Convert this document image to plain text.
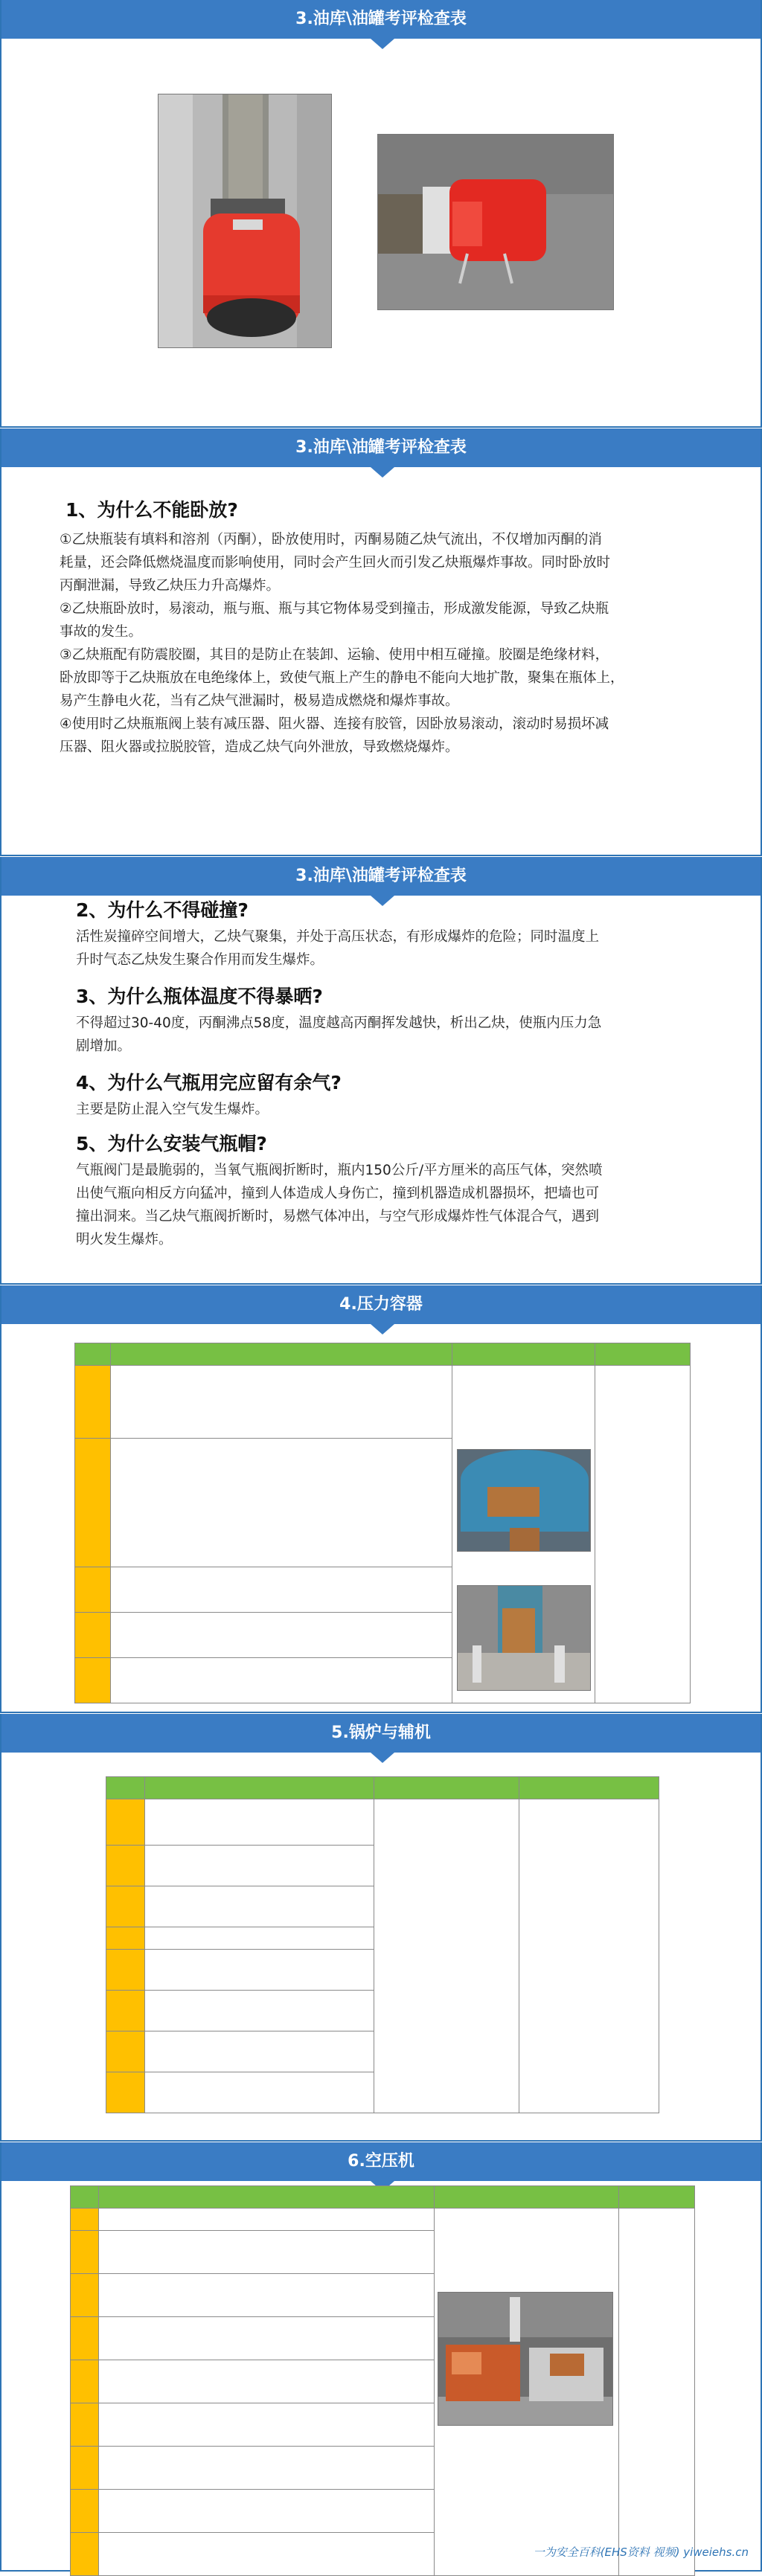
3.油库\油罐考评检查表
3.油库\油罐考评检查表
1、为什么不能卧放?
①乙炔瓶装有填料和溶剂（丙酮），卧放使用时，丙酮易随乙炔气流出，不仅增加丙酮的消
耗量，还会降低燃烧温度而影响使用，同时会产生回火而引发乙炔瓶爆炸事故。同时卧放时
丙酮泄漏，导致乙炔压力升高爆炸。
②乙炔瓶卧放时，易滚动，瓶与瓶、瓶与其它物体易受到撞击，形成激发能源，导致乙炔瓶
事故的发生。
③乙炔瓶配有防震胶圈，其目的是防止在装卸、运输、使用中相互碰撞。胶圈是绝缘材料，
卧放即等于乙炔瓶放在电绝缘体上，致使气瓶上产生的静电不能向大地扩散，聚集在瓶体上，
易产生静电火花，当有乙炔气泄漏时，极易造成燃烧和爆炸事故。
④使用时乙炔瓶瓶阀上装有减压器、阻火器、连接有胶管，因卧放易滚动，滚动时易损坏减
压器、阻火器或拉脱胶管，造成乙炔气向外泄放，导致燃烧爆炸。
3.油库\油罐考评检查表
2、为什么不得碰撞?
活性炭撞碎空间增大，乙炔气聚集，并处于高压状态，有形成爆炸的危险；同时温度上
升时气态乙炔发生聚合作用而发生爆炸。
3、为什么瓶体温度不得暴晒?
不得超过30-40度，丙酮沸点58度，温度越高丙酮挥发越快，析出乙炔，使瓶内压力急
剧增加。
4、为什么气瓶用完应留有余气?
主要是防止混入空气发生爆炸。
5、为什么安装气瓶帽?
气瓶阀门是最脆弱的，当氧气瓶阀折断时，瓶内150公斤/平方厘米的高压气体，突然喷
出使气瓶向相反方向猛冲，撞到人体造成人身伤亡，撞到机器造成机器损坏，把墙也可
撞出洞来。当乙炔气瓶阀折断时，易燃气体冲出，与空气形成爆炸性气体混合气，遇到
明火发生爆炸。
4.压力容器

5.锅炉与辅机

6.空压机

一为安全百科(EHS资料 视频) yiweiehs.cn
